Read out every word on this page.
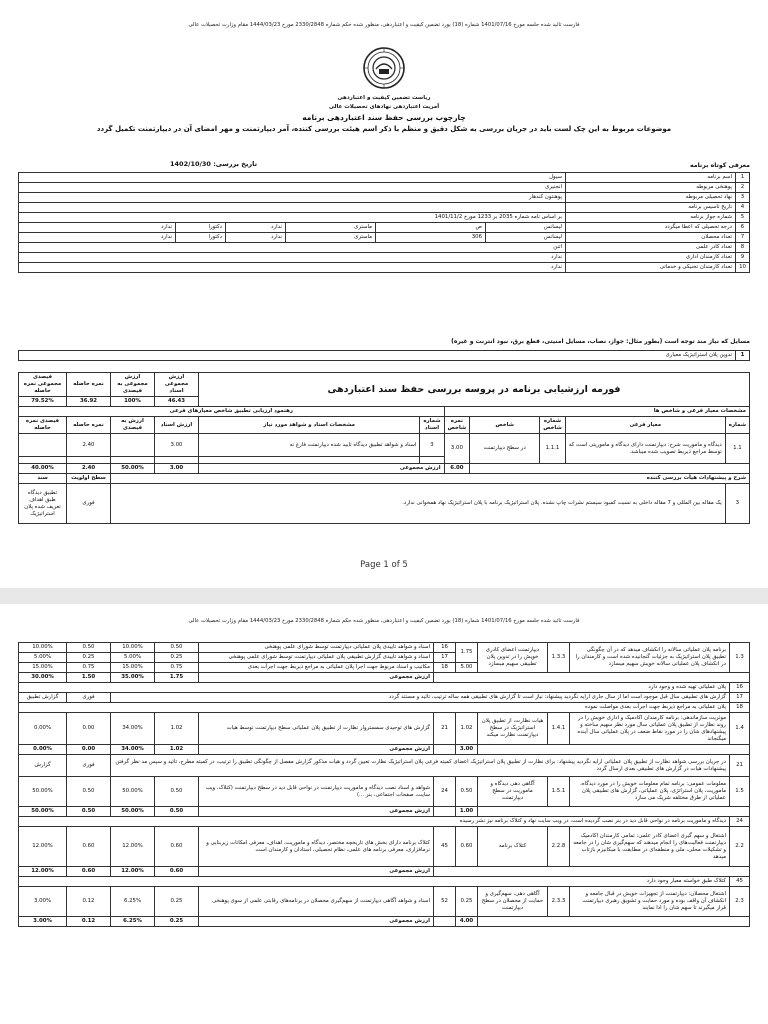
فارست تائید شده جلسه مورخ 1401/07/16 شماره (18) یورد تضمین کیفیت و اعتباردهی، منظور شده حکم شماره 2330/2848 مورخ 1444/03/23 مقام وزارت تحصیلات عالی
ریاست تضمین کیفیت و اعتباردهی
آمریت اعتباردهی نهادهای تحصیلات عالی
چارچوب بررسی حفظ سند اعتباردهی برنامه
موضوعات مربوط به این چک لست باید در جریان بررسی به شکل دقیق و منظم با ذکر اسم هیئت بررسی کننده، آمر دیپارتمنت و مهر امضای آن در دیپارتمنت تکمیل گردد
تاریخ بررسی: 1402/10/30	معرفی کوتاه برنامه
1	اسم برنامه	سیول					
2	پوهنځی مربوطه	انجنیری					
3	نهاد تحصیلی مربوطه	پوهنتون کندهار					
4	تاریخ تاسیس برنامه						
5	شماره جواز برنامه	بر اساس نامه شماره 2035 بر 1233 مورخ 1401/11/2					
6	درجه تحصیلی که اعطا میگردد	لیسانس	ص	ماستری	ندارد	دکتورا	ندارد
7	تعداد محصلان	لیسانس	306	ماستری	ندارد	دکتورا	ندارد
8	تعداد کادر علمی	اتنن					
9	تعداد کارمندان اداری	ندارد					
10	تعداد کارمندان تخنیکی و خدماتی	ندارد					
مسایل که نیاز مند توجه است (بطور مثال: جواز، نصاب، مسایل امنیتی، قطع برق، نبود انترنت و غیره)
1	تدوین پلان استراتیژیک معیاری
فورمه ارزشیابی برنامه در پروسه بررسی حفظ سند اعتباردهی							ارزش مجموعی اسناد	ارزش مجموعی به فیصدی	نمره حاصله	فیصدی مجموعی نمره حاصله
							46.43	100%	36.92	79.52%
مشخصات معیار فرعی و شاخص ها					رهنمود ارزیابی تطبیق شاخص معیارهای فرعی					
شماره	معیار فرعی	شماره شاخص	شاخص	نمره شاخص	شماره اسناد	مشخصات اسناد و شواهد مورد نیاز	ارزش اسناد	ارزش به فیصدی	نمره حاصله	فیصدی نمره حاصله
1.1	دیدگاه و ماموریت شرح: دیپارتمنت دارای دیدگاه و ماموریتی است که توسط مراجع ذیربط تصویب شده میباشد.	1.1.1	در سطح دیپارتمنت	3.00	3	اسناد و شواهد تطبیق دیدگاه تایید شده دیپارتمنت فارغ نه	3.00		2.40	

				6.00	ارزش مجموعی		3.00	50.00%	2.40	40.00%
شرح و پیشنهادات هیأت بررسی کننده									سطح اولویت	سند
3	یک مقاله بین المللی و 7 مقاله داخلی به نسبت کمبود سیستم نشرات چاپ نشده. پلان استراتیژیک برنامه با پلان استراتیژیک نهاد همخوانی ندارد.								فوری	تطبیق دیدگاه طبق اهداف تعریف شده پلان استراتیژیک
Page 1 of 5
فارست تائید شده جلسه مورخ 1401/07/16 شماره (18) یورد تضمین کیفیت و اعتباردهی، منظور شده حکم شماره 2330/2848 مورخ 1444/03/23 مقام وزارت تحصیلات عالی
1.3	برنامه پلان عملیاتی سالانه را انکشاف میدهد که در آن چگونگی تطبیق پلان استراتیژیک به جزئیات گنجانیده شده است و کارمندان را در انکشاف پلان عملیاتی سالانه خویش سهیم میسازد	1.3.3	دیپارتمنت اعضای کادری خویش را در تدوین پلان تطبیقی سهیم میسازد	1.75	16	اسناد و شواهد تاییدی پلان عملیاتی دیپارتمنت توسط شورای علمی پوهنځی	0.50	10.00%	0.50	10.00%
					17	اسناد و شواهد تاییدی گزارش تطبیقی پلان عملیاتی دیپارتمنت توسط شورای علمی پوهنځی	0.25	5.00%	0.25	5.00%
				5.00	18	مکاتیب و اسناد مربوط جهت اجرا پلان عملیاتی به مراجع ذیربط جهت اجرآت بعدی	0.75	15.00%	0.75	15.00%
						ارزش مجموعی	1.75	35.00%	1.50	30.00%
16	پلان عملیاتی تهیه شده و وجود دارد									
17	گزارش های تطبیقی سال قبل موجود است اما از سال جاری ارایه نگردید پیشنهاد: نیاز است تا گزارش های تطبیقی همه ساله ترتیب، تائید و مستند گردد								فوری	گزارش تطبیق
18	پلان عملیاتی به مراجع ذیربط جهت اجرآت بعدی مواصلت نموده									
1.4	موثریت سازماندهی: برنامه کارمندان اکادمیک و اداری خویش را در روند نظارت از تطبیق پلان عملیاتی سال مورد نظر سهیم ساخته و پیشنهادهای شان را در مورد نقاط ضعف در پلان عملیاتی سال آینده میگنجاند	1.4.1	هیات نظارت، از تطبیق پلان استراتیژیک در سطح دیپارتمنت نظارت میکند	1.02	21	گزارش های توحیدی سمستروار نظارت از تطبیق پلان عملیاتی سطح دیپارتمنت توسط هیات	1.02	34.00%	0.00	0.00%
				3.00		ارزش مجموعی	1.02	34.00%	0.00	0.00%
21	در جریان بررسی شواهد نظارت از تطبیق پلان عملیاتی ارایه نگردید پیشنهاد: برای نظارت از تطبیق پلان استراتیژیک اعضای کمیته فرعی پلان استراتیژیک نظارت تعیین گردد و هیات مذکور گزارش مفصل از چگونگی تطبیق را ترتیب، در کمیته مطرح، تائید و سپس مد نظر گرفتن پیشنهادات هیات در گزارش های تطبیقی بعدی ارسال گردد								فوری	گزارش
1.5	معلومات عمومی: برنامه تمام معلومات خویش را در مورد دیدگاه، ماموریت، پلان استراتژی، پلان عملیاتی، گزارش های تطبیقی پلان عملیاتی از طرق مختلفه شریک می سازد	1.5.1	آگاهی دهی دیدگاه و ماموریت در سطح دیپارتمنت	0.50	24	شواهد و اسناد نصب دیدگاه و ماموریت دیپارتمنت در نواحی قابل دید در سطح دیپارتمنت (کتلاک، ویب سایت، صفحات اجتماعی، بنر ...)	0.50	50.00%	0.50	50.00%
				1.00		ارزش مجموعی	0.50	50.00%	0.50	50.00%
24	دیدگاه و ماموریت برنامه در نواحی قابل دید در بنر نصب گردیده است، در ویب سایت نهاد و کتلاک برنامه نیز نشر رسیده									
2.2	اشتغال و سهم گیری اعضای کادر علمی: تمامی کارمندان اکادمیک دیپارتمنت فعالیت‌های را انجام میدهند که سهم‌گیری شان را در جامعه و تشکیلات محلی، ملی و منطقه‌ای در مطابقت با میکانیزم بازتاب میدهد	2.2.8	کتلاک برنامه	0.60	45	کتلاک برنامه دارای بخش های تاریخچه مختصر، دیدگاه و ماموریت، اهداف، معرفی امکانات زیربنایی و نرمافزاری، معرفی برنامه های علمی، نظام تحصیلی، استادان و کارمندان است	0.60	12.00%	0.60	12.00%
						ارزش مجموعی	0.60	12.00%	0.60	12.00%
45	کتلاک طبق خواسته معیار وجود دارد									
2.3	اشتغال محصلان: دیپارتمنت از تجهیزات خویش در قبال جامعه و انکشاف آن واقف بوده و مورد حمایت و تشویق رهبری دیپارتمنت قرار میگیرند تا سهم شان را ادا نمایند	2.3.3	آگاهی دهی، سهم‌گیری و حمایت از محصلان در سطح دیپارتمنت	0.25	52	اسناد و شواهد آگاهی دیپارتمنت از سهم‌گیری محصلان در برنامه‌های رقابتی علمی از سوی پوهنځی	0.25	6.25%	0.12	3.00%
				4.00		ارزش مجموعی	0.25	6.25%	0.12	3.00%
